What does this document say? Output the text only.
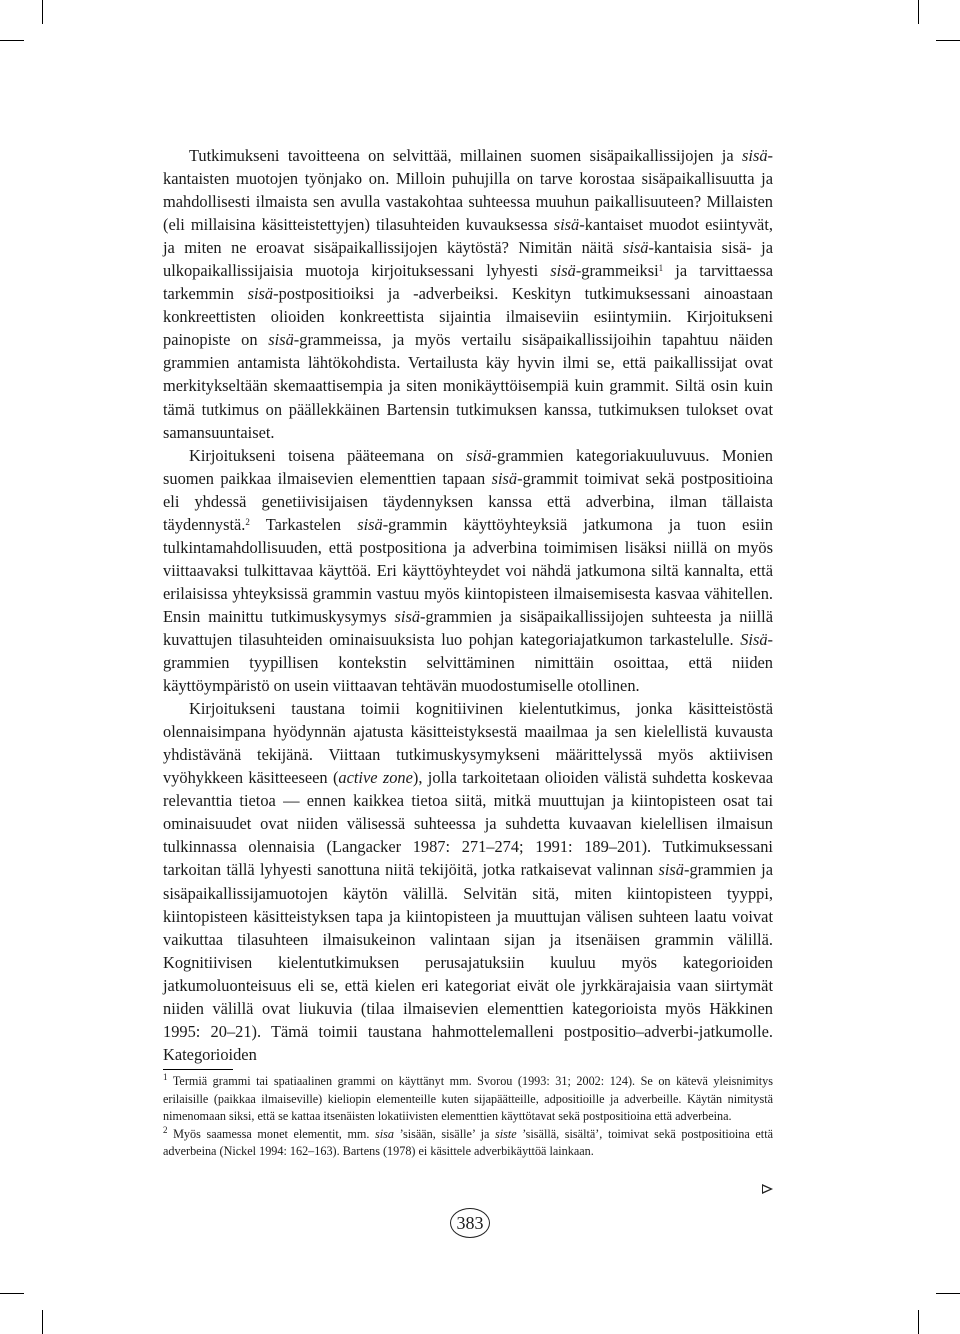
Tutkimukseni tavoitteena on selvittää, millainen suomen sisäpaikallissijojen ja sisä-kantaisten muotojen työnjako on. Milloin puhujilla on tarve korostaa sisäpaikallisuutta ja mahdollisesti ilmaista sen avulla vastakohtaa suhteessa muuhun paikallisuuteen? Millaisten (eli millaisina käsitteistettyjen) tilasuhteiden kuvauksessa sisä-kantaiset muodot esiintyvät, ja miten ne eroavat sisäpaikallissijojen käytöstä? Nimitän näitä sisä-kantaisia sisä- ja ulkopaikallissijaisia muotoja kirjoituksessani lyhyesti sisä-grammeiksi$^1$ ja tarvittaessa tarkemmin sisä-postpositioiksi ja -adverbeiksi. Keskityn tutkimuksessani ainoastaan konkreettisten olioiden konkreettista sijaintia ilmaiseviin esiintymiin. Kirjoitukseni painopiste on sisä-grammeissa, ja myös vertailu sisäpaikallissijoihin tapahtuu näiden grammien antamista lähtökohdista. Vertailusta käy hyvin ilmi se, että paikallissijat ovat merkitykseltään skemaattisempia ja siten monikäyttöisempiä kuin grammit. Siltä osin kuin tämä tutkimus on päällekkäinen Bartensin tutkimuksen kanssa, tutkimuksen tulokset ovat samansuuntaiset.

Kirjoitukseni toisena pääteemana on sisä-grammien kategoriakuuluvuus. Monien suomen paikkaa ilmaisevien elementtien tapaan sisä-grammit toimivat sekä postpositioina eli yhdessä genetiivisijaisen täydennyksen kanssa että adverbina, ilman tällaista täydennystä.$^2$ Tarkastelen sisä-grammin käyttöyhteyksiä jatkumona ja tuon esiin tulkintamahdollisuuden, että postpositiona ja adverbina toimimisen lisäksi niillä on myös viittaavaksi tulkittavaa käyttöä. Eri käyttöyhteydet voi nähdä jatkumona siltä kannalta, että erilaisissa yhteyksissä grammin vastuu myös kiintopisteen ilmaisemisesta kasvaa vähitellen. Ensin mainittu tutkimuskysymys sisä-grammien ja sisäpaikallissijojen suhteesta ja niillä kuvattujen tilasuhteiden ominaisuuksista luo pohjan kategoriajatkumon tarkastelulle. Sisä-grammien tyypillisen kontekstin selvittäminen nimittäin osoittaa, että niiden käyttöympäristö on usein viittaavan tehtävän muodostumiselle otollinen.

Kirjoitukseni taustana toimii kognitiivinen kielentutkimus, jonka käsitteistöstä olennaisimpana hyödynnän ajatusta käsitteistyksestä maailmaa ja sen kielellistä kuvausta yhdistävänä tekijänä. Viittaan tutkimuskysymykseni määrittelyssä myös aktiivisen vyöhykkeen käsitteeseen (active zone), jolla tarkoitetaan olioiden välistä suhdetta koskevaa relevanttia tietoa — ennen kaikkea tietoa siitä, mitkä muuttujan ja kiintopisteen osat tai ominaisuudet ovat niiden välisessä suhteessa ja suhdetta kuvaavan kielellisen ilmaisun tulkinnassa olennaisia (Langacker 1987: 271–274; 1991: 189–201). Tutkimuksessani tarkoitan tällä lyhyesti sanottuna niitä tekijöitä, jotka ratkaisevat valinnan sisä-grammien ja sisäpaikallissijamuotojen käytön välillä. Selvitän sitä, miten kiintopisteen tyyppi, kiintopisteen käsitteistyksen tapa ja kiintopisteen ja muuttujan välisen suhteen laatu voivat vaikuttaa tilasuhteen ilmaisukeinon valintaan sijan ja itsenäisen grammin välillä. Kognitiivisen kielentutkimuksen perusajatuksiin kuuluu myös kategorioiden jatkumoluonteisuus eli se, että kielen eri kategoriat eivät ole jyrkkärajaisia vaan siirtymät niiden välillä ovat liukuvia (tilaa ilmaisevien elementtien kategorioista myös Häkkinen 1995: 20–21). Tämä toimii taustana hahmottelemalleni postpositio–adverbi-jatkumolle. Kategorioiden

$^1$ Termiä grammi tai spatiaalinen grammi on käyttänyt mm. Svorou (1993: 31; 2002: 124). Se on kätevä yleisnimitys erilaisille (paikkaa ilmaiseville) kieliopin elementeille kuten sijapäätteille, adpositioille ja adverbeille. Käytän nimitystä nimenomaan siksi, että se kattaa itsenäisten lokatiivisten elementtien käyttötavat sekä postpositioina että adverbeina.

$^2$ Myös saamessa monet elementit, mm. sisa ’sisään, sisälle’ ja siste ’sisällä, sisältä’, toimivat sekä postpositioina että adverbeina (Nickel 1994: 162–163). Bartens (1978) ei käsittele adverbikäyttöä lainkaan.

383
